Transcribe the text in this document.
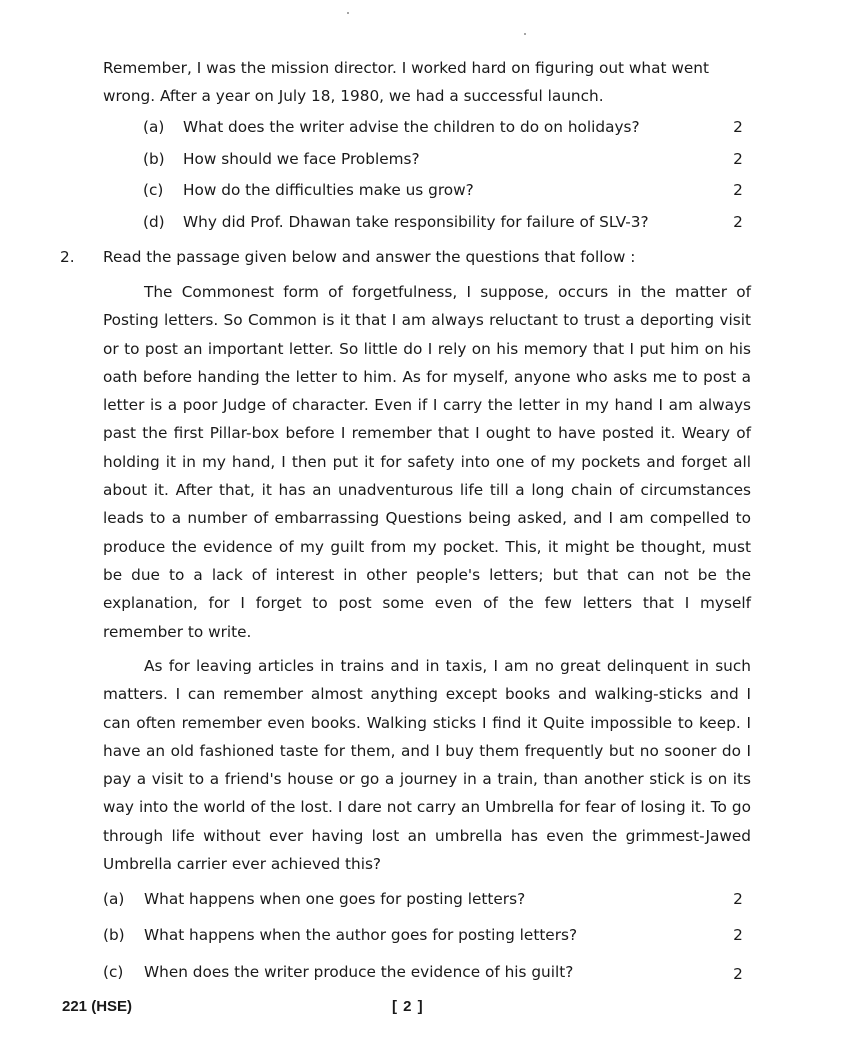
Remember, I was the mission director. I worked hard on figuring out what went
wrong. After a year on July 18, 1980, we had a successful launch.
(a) What does the writer advise the children to do on holidays?	2
(b) How should we face Problems?	2
(c) How do the difficulties make us grow?	2
(d) Why did Prof. Dhawan take responsibility for failure of SLV-3?	2
2. Read the passage given below and answer the questions that follow :
The Commonest form of forgetfulness, I suppose, occurs in the matter of Posting letters. So Common is it that I am always reluctant to trust a deporting visit or to post an important letter. So little do I rely on his memory that I put him on his oath before handing the letter to him. As for myself, anyone who asks me to post a letter is a poor Judge of character. Even if I carry the letter in my hand I am always past the first Pillar-box before I remember that I ought to have posted it. Weary of holding it in my hand, I then put it for safety into one of my pockets and forget all about it. After that, it has an unadventurous life till a long chain of circumstances leads to a number of embarrassing Questions being asked, and I am compelled to produce the evidence of my guilt from my pocket. This, it might be thought, must be due to a lack of interest in other people's letters; but that can not be the explanation, for I forget to post some even of the few letters that I myself remember to write.
As for leaving articles in trains and in taxis, I am no great delinquent in such matters. I can remember almost anything except books and walking-sticks and I can often remember even books. Walking sticks I find it Quite impossible to keep. I have an old fashioned taste for them, and I buy them frequently but no sooner do I pay a visit to a friend's house or go a journey in a train, than another stick is on its way into the world of the lost. I dare not carry an Umbrella for fear of losing it. To go through life without ever having lost an umbrella has even the grimmest-Jawed Umbrella carrier ever achieved this?
(a) What happens when one goes for posting letters?	2
(b) What happens when the author goes for posting letters?	2
(c) When does the writer produce the evidence of his guilt?	2
221 (HSE)	[ 2 ]
